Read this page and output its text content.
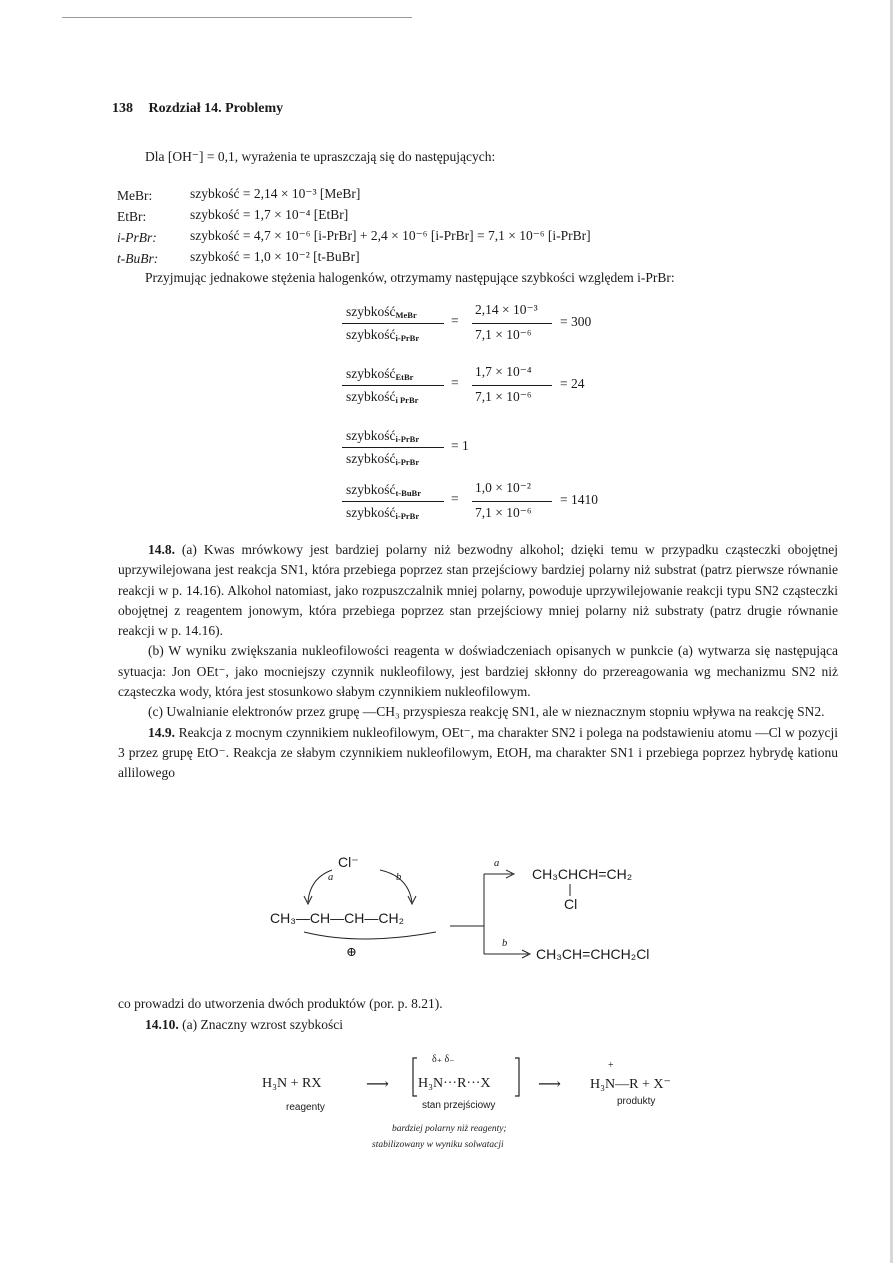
138 Rozdział 14. Problemy
Dla [OH⁻] = 0,1, wyrażenia te upraszczają się do następujących:
MeBr:	szybkość = 2,14 × 10⁻³ [MeBr]
EtBr:	szybkość = 1,7 × 10⁻⁴ [EtBr]
i-PrBr: szybkość = 4,7 × 10⁻⁶ [i-PrBr] + 2,4 × 10⁻⁶ [i-PrBr] = 7,1 × 10⁻⁶ [i-PrBr]
t-BuBr: szybkość = 1,0 × 10⁻² [t-BuBr]
Przyjmując jednakowe stężenia halogenków, otrzymamy następujące szybkości względem i-PrBr:
szybkość$_{MeBr}$
szybkość$_{i-PrBr}$
=
2,14 × 10⁻³
7,1 × 10⁻⁶
= 300
szybkość$_{EtBr}$
szybkość$_{i PrBr}$
=
1,7 × 10⁻⁴
7,1 × 10⁻⁶
= 24
szybkość$_{i-PrBr}$
szybkość$_{i-PrBr}$
= 1
szybkość$_{t-BuBr}$
szybkość$_{i-PrBr}$
=
1,0 × 10⁻²
7,1 × 10⁻⁶
= 1410

14.8. (a) Kwas mrówkowy jest bardziej polarny niż bezwodny alkohol; dzięki temu w przypadku cząsteczki obojętnej uprzywilejowana jest reakcja SN1, która przebiega poprzez stan przejściowy bardziej polarny niż substrat (patrz pierwsze równanie reakcji w p. 14.16). Alkohol natomiast, jako rozpuszczalnik mniej polarny, powoduje uprzywilejowanie reakcji typu SN2 cząsteczki obojętnej z reagentem jonowym, która przebiega poprzez stan przejściowy mniej polarny niż substraty (patrz drugie równanie reakcji w p. 14.16).

(b) W wyniku zwiększania nukleofilowości reagenta w doświadczeniach opisanych w punkcie (a) wytwarza się następująca sytuacja: Jon OEt⁻, jako mocniejszy czynnik nukleofilowy, jest bardziej skłonny do przereagowania wg mechanizmu SN2 niż cząsteczka wody, która jest stosunkowo słabym czynnikiem nukleofilowym.

(c) Uwalnianie elektronów przez grupę —CH₃ przyspiesza reakcję SN1, ale w nieznacznym stopniu wpływa na reakcję SN2.

14.9. Reakcja z mocnym czynnikiem nukleofilowym, OEt⁻, ma charakter SN2 i polega na podstawieniu atomu —Cl w pozycji 3 przez grupę EtO⁻. Reakcja ze słabym czynnikiem nukleofilowym, EtOH, ma charakter SN1 i przebiega poprzez hybrydę kationu allilowego

Cl⁻
a	b
CH₃—CH—CH—CH₂
⊕
a
b
CH₃CHCH=CH₂
Cl
CH₃CH=CHCH₂Cl
co prowadzi do utworzenia dwóch produktów (por. p. 8.21).
14.10. (a) Znaczny wzrost szybkości
H₃N + RX	⟶
δ₊ δ₋
H₃N···R···X	⟶
+
H₃N—R + X⁻
reagenty	stan przejściowy	produkty
bardziej polarny niż reagenty;
stabilizowany w wyniku solwatacji
